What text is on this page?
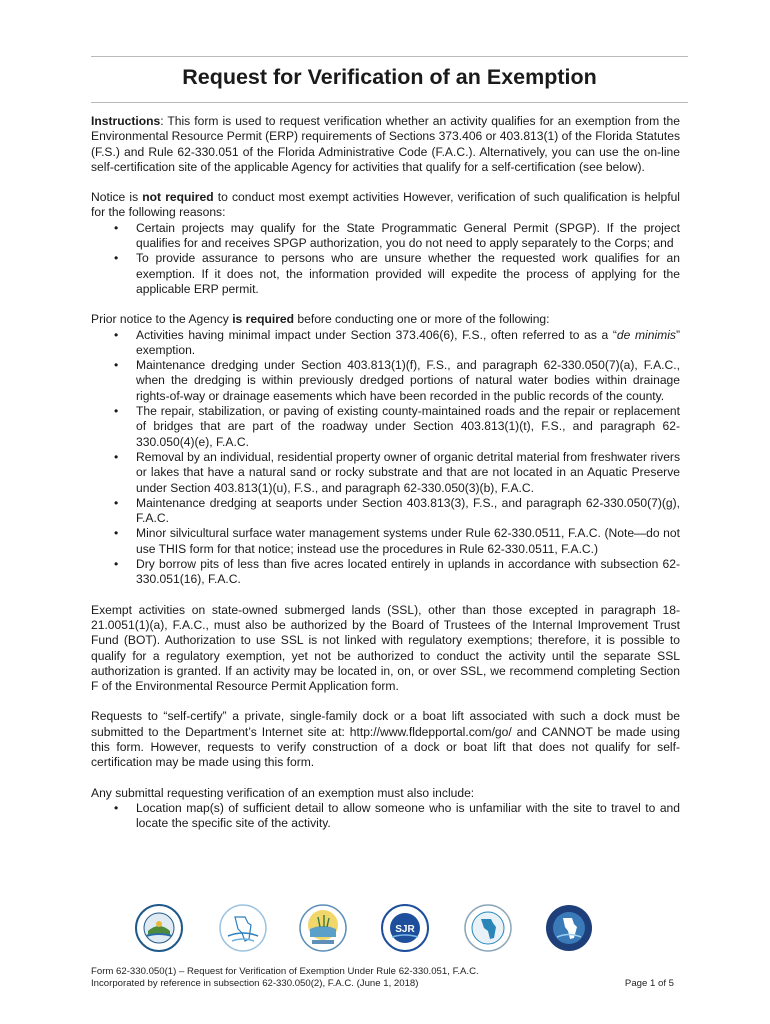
Request for Verification of an Exemption

Instructions: This form is used to request verification whether an activity qualifies for an exemption from the Environmental Resource Permit (ERP) requirements of Sections 373.406 or 403.813(1) of the Florida Statutes (F.S.) and Rule 62-330.051 of the Florida Administrative Code (F.A.C.). Alternatively, you can use the on-line self-certification site of the applicable Agency for activities that qualify for a self-certification (see below).

Notice is not required to conduct most exempt activities However, verification of such qualification is helpful for the following reasons:

• Certain projects may qualify for the State Programmatic General Permit (SPGP). If the project qualifies for and receives SPGP authorization, you do not need to apply separately to the Corps; and
• To provide assurance to persons who are unsure whether the requested work qualifies for an exemption. If it does not, the information provided will expedite the process of applying for the applicable ERP permit.

Prior notice to the Agency is required before conducting one or more of the following:

• Activities having minimal impact under Section 373.406(6), F.S., often referred to as a “de minimis” exemption.
• Maintenance dredging under Section 403.813(1)(f), F.S., and paragraph 62-330.050(7)(a), F.A.C., when the dredging is within previously dredged portions of natural water bodies within drainage rights-of-way or drainage easements which have been recorded in the public records of the county.
• The repair, stabilization, or paving of existing county-maintained roads and the repair or replacement of bridges that are part of the roadway under Section 403.813(1)(t), F.S., and paragraph 62-330.050(4)(e), F.A.C.
• Removal by an individual, residential property owner of organic detrital material from freshwater rivers or lakes that have a natural sand or rocky substrate and that are not located in an Aquatic Preserve under Section 403.813(1)(u), F.S., and paragraph 62-330.050(3)(b), F.A.C.
• Maintenance dredging at seaports under Section 403.813(3), F.S., and paragraph 62-330.050(7)(g), F.A.C.
• Minor silvicultural surface water management systems under Rule 62-330.0511, F.A.C. (Note—do not use THIS form for that notice; instead use the procedures in Rule 62-330.0511, F.A.C.)
• Dry borrow pits of less than five acres located entirely in uplands in accordance with subsection 62-330.051(16), F.A.C.

Exempt activities on state-owned submerged lands (SSL), other than those excepted in paragraph 18-21.0051(1)(a), F.A.C., must also be authorized by the Board of Trustees of the Internal Improvement Trust Fund (BOT). Authorization to use SSL is not linked with regulatory exemptions; therefore, it is possible to qualify for a regulatory exemption, yet not be authorized to conduct the activity until the separate SSL authorization is granted. If an activity may be located in, on, or over SSL, we recommend completing Section F of the Environmental Resource Permit Application form.

Requests to “self-certify” a private, single-family dock or a boat lift associated with such a dock must be submitted to the Department’s Internet site at: http://www.fldepportal.com/go/ and CANNOT be made using this form. However, requests to verify construction of a dock or boat lift that does not qualify for self-certification may be made using this form.

Any submittal requesting verification of an exemption must also include:

• Location map(s) of sufficient detail to allow someone who is unfamiliar with the site to travel to and locate the specific site of the activity.
SJR
Form 62-330.050(1) – Request for Verification of Exemption Under Rule 62-330.051, F.A.C.
Incorporated by reference in subsection 62-330.050(2), F.A.C. (June 1, 2018)	Page 1 of 5
